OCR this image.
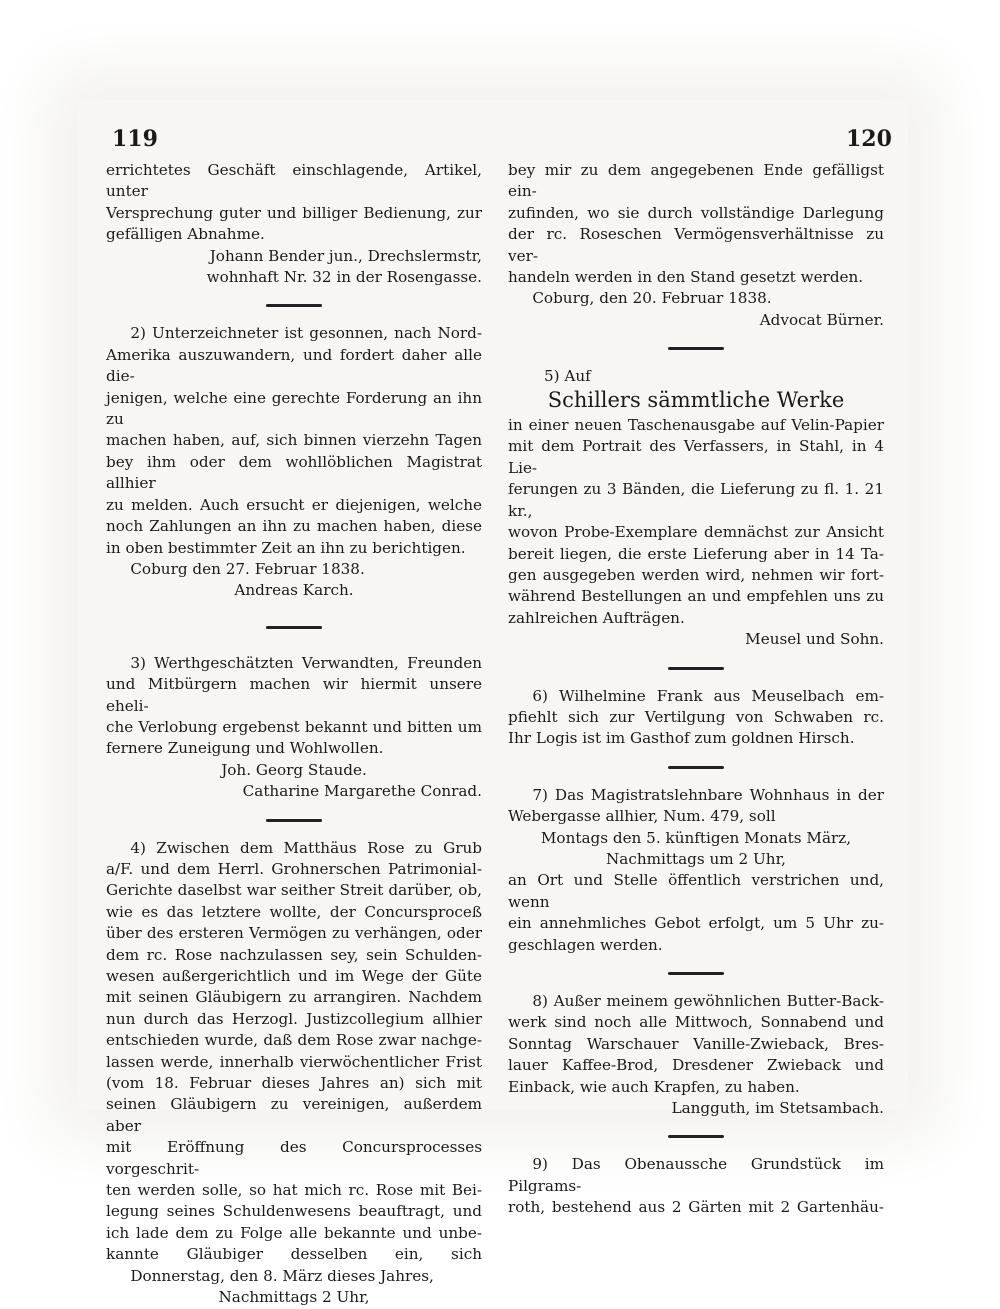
119	120

errichtetes Geschäft einschlagende, Artikel, unter

Versprechung guter und billiger Bedienung, zur

gefälligen Abnahme.

Johann Bender jun., Drechslermstr,

wohnhaft Nr. 32 in der Rosengasse.

2) Unterzeichneter ist gesonnen, nach Nord-

Amerika auszuwandern, und fordert daher alle die-

jenigen, welche eine gerechte Forderung an ihn zu

machen haben, auf, sich binnen vierzehn Tagen

bey ihm oder dem wohllöblichen Magistrat allhier

zu melden. Auch ersucht er diejenigen, welche

noch Zahlungen an ihn zu machen haben, diese

in oben bestimmter Zeit an ihn zu berichtigen.

Coburg den 27. Februar 1838.

Andreas Karch.

3) Werthgeschätzten Verwandten, Freunden

und Mitbürgern machen wir hiermit unsere eheli-

che Verlobung ergebenst bekannt und bitten um

fernere Zuneigung und Wohlwollen.

Joh. Georg Staude.

Catharine Margarethe Conrad.

4) Zwischen dem Matthäus Rose zu Grub

a/F. und dem Herrl. Grohnerschen Patrimonial-

Gerichte daselbst war seither Streit darüber, ob,

wie es das letztere wollte, der Concursproceß

über des ersteren Vermögen zu verhängen, oder

dem rc. Rose nachzulassen sey, sein Schulden-

wesen außergerichtlich und im Wege der Güte

mit seinen Gläubigern zu arrangiren. Nachdem

nun durch das Herzogl. Justizcollegium allhier

entschieden wurde, daß dem Rose zwar nachge-

lassen werde, innerhalb vierwöchentlicher Frist

(vom 18. Februar dieses Jahres an) sich mit

seinen Gläubigern zu vereinigen, außerdem aber

mit Eröffnung des Concursprocesses vorgeschrit-

ten werden solle, so hat mich rc. Rose mit Bei-

legung seines Schuldenwesens beauftragt, und

ich lade dem zu Folge alle bekannte und unbe-

kannte Gläubiger desselben ein, sich

Donnerstag, den 8. März dieses Jahres,

Nachmittags 2 Uhr,

bey mir zu dem angegebenen Ende gefälligst ein-

zufinden, wo sie durch vollständige Darlegung

der rc. Roseschen Vermögensverhältnisse zu ver-

handeln werden in den Stand gesetzt werden.

Coburg, den 20. Februar 1838.

Advocat Bürner.

5) Auf

Schillers sämmtliche Werke

in einer neuen Taschenausgabe auf Velin-Papier

mit dem Portrait des Verfassers, in Stahl, in 4 Lie-

ferungen zu 3 Bänden, die Lieferung zu fl. 1. 21 kr.,

wovon Probe-Exemplare demnächst zur Ansicht

bereit liegen, die erste Lieferung aber in 14 Ta-

gen ausgegeben werden wird, nehmen wir fort-

während Bestellungen an und empfehlen uns zu

zahlreichen Aufträgen.

Meusel und Sohn.

6) Wilhelmine Frank aus Meuselbach em-

pfiehlt sich zur Vertilgung von Schwaben rc.

Ihr Logis ist im Gasthof zum goldnen Hirsch.

7) Das Magistratslehnbare Wohnhaus in der

Webergasse allhier, Num. 479, soll

Montags den 5. künftigen Monats März,

Nachmittags um 2 Uhr,

an Ort und Stelle öffentlich verstrichen und, wenn

ein annehmliches Gebot erfolgt, um 5 Uhr zu-

geschlagen werden.

8) Außer meinem gewöhnlichen Butter-Back-

werk sind noch alle Mittwoch, Sonnabend und

Sonntag Warschauer Vanille-Zwieback, Bres-

lauer Kaffee-Brod, Dresdener Zwieback und

Einback, wie auch Krapfen, zu haben.

Langguth, im Stetsambach.

9) Das Obenaussche Grundstück im Pilgrams-

roth, bestehend aus 2 Gärten mit 2 Gartenhäu-
